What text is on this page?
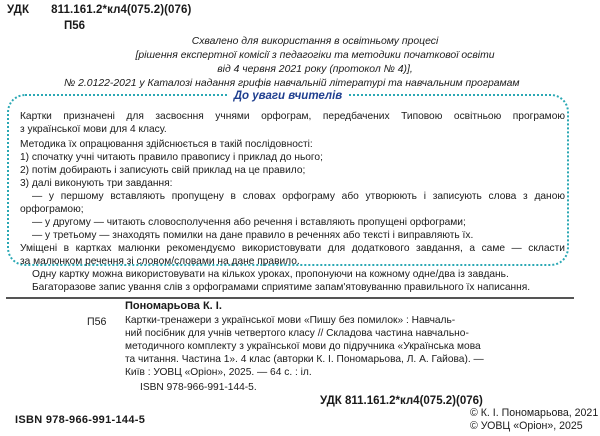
УДК 811.161.2*кл4(075.2)(076)
П56
Схвалено для використання в освітньому процесі
[рішення експертної комісії з педагогіки та методики початкової освіти
від 4 червня 2021 року (протокол № 4)],
№ 2.0122-2021 у Каталозі надання грифів навчальній літературі та навчальним програмам
До уваги вчителів
Картки призначені для засвоєння учнями орфограм, передбачених Типовою освітньою програмою
з української мови для 4 класу.
Методика їх опрацювання здійснюється в такій послідовності:
1) спочатку учні читають правило правопису і приклад до нього;
2) потім добирають і записують свій приклад на це правило;
3) далі виконують три завдання:
— у першому вставляють пропущену в словах орфограму або утворюють і записують слова з даною
орфограмою;
— у другому — читають словосполучення або речення і вставляють пропущені орфограми;
— у третьому — знаходять помилки на дане правило в реченнях або тексті і виправляють їх.
Уміщені в картках малюнки рекомендуємо використовувати для додаткового завдання, а саме — скласти
за малюнком речення зі словом/словами на дане правило.
Одну картку можна використовувати на кількох уроках, пропонуючи на кожному одне/два із завдань.
Багаторазове запис ування слів з орфограмами сприятиме запам'ятовуванню правильного їх написання.
Пономарьова К. І.
П56 Картки-тренажери з української мови «Пишу без помилок» : Навчаль-
ний посібник для учнів четвертого класу // Складова частина навчально-
методичного комплекту з української мови до підручника «Українська мова
та читання. Частина 1». 4 клас (авторки К. І. Пономарьова, Л. А. Гайова). —
Київ : УОВЦ «Оріон», 2025. — 64 с. : іл.
ISBN 978-966-991-144-5.
УДК 811.161.2*кл4(075.2)(076)
ISBN 978-966-991-144-5
© К. І. Пономарьова, 2021
© УОВЦ «Оріон», 2025
